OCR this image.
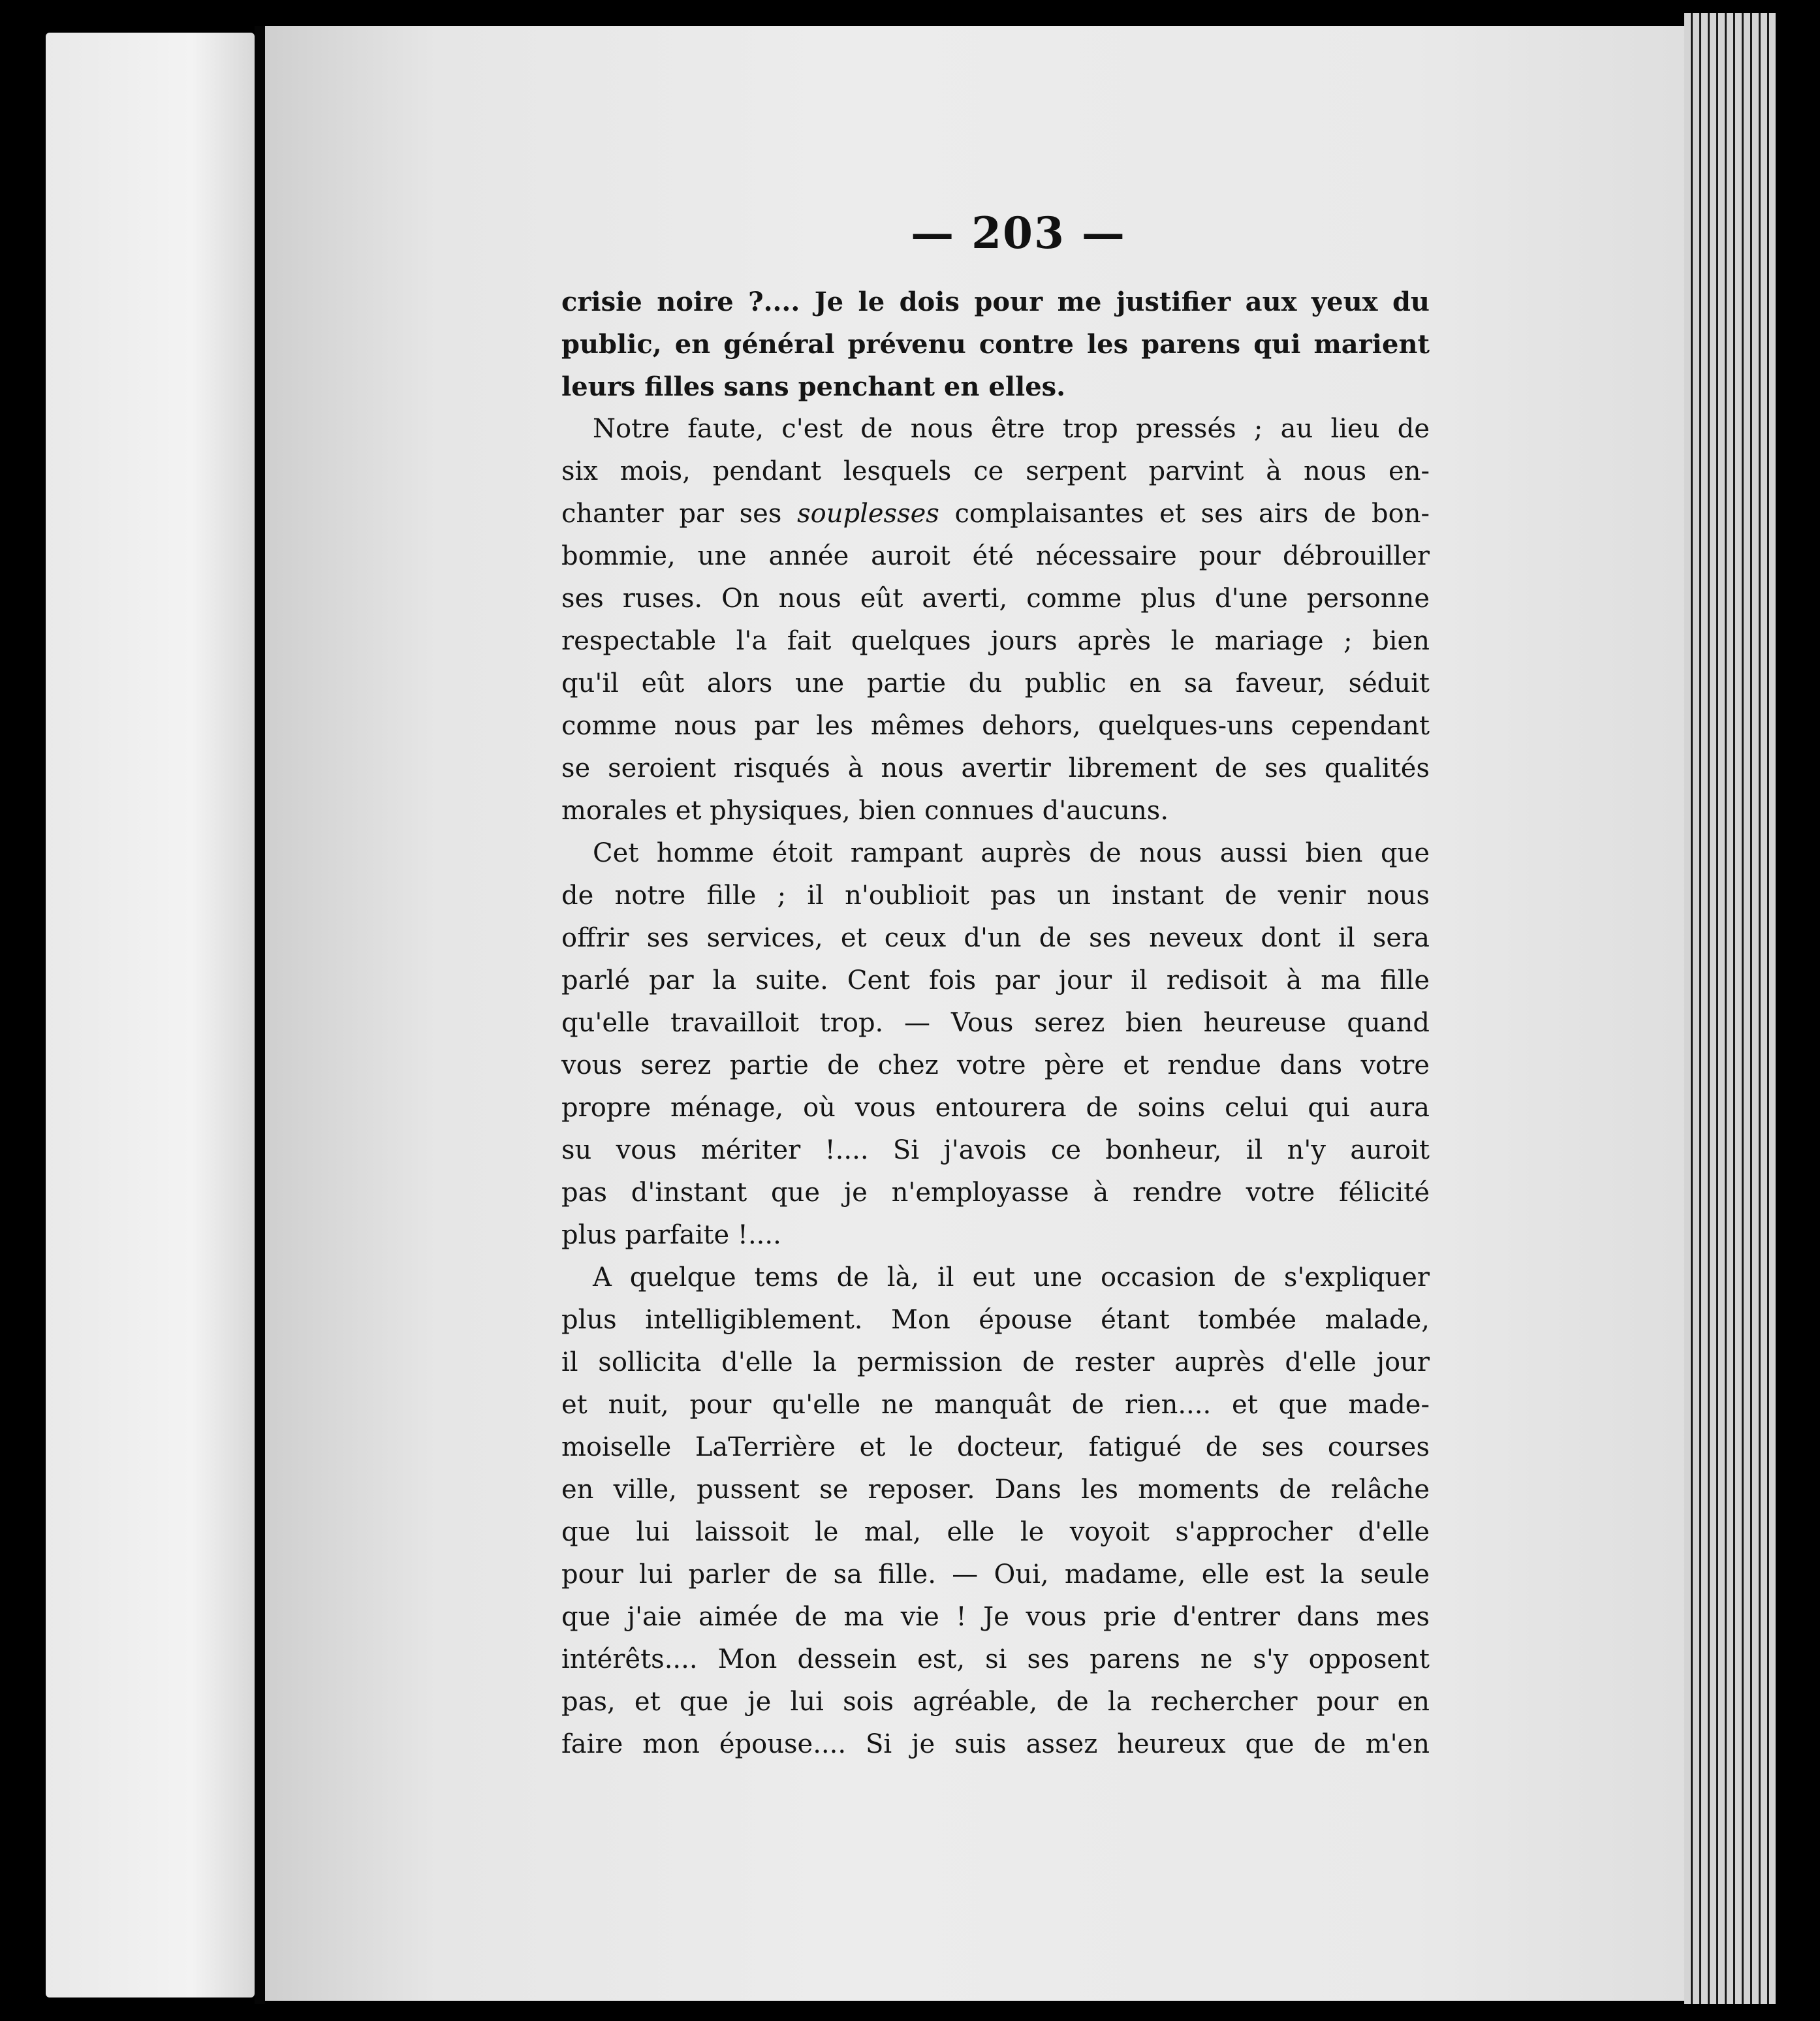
— 203 —

crisie noire ?.... Je le dois pour me justifier aux yeux du
public, en général prévenu contre les parens qui marient
leurs filles sans penchant en elles.

Notre faute, c'est de nous être trop pressés ; au lieu de
six mois, pendant lesquels ce serpent parvint à nous en-
chanter par ses souplesses complaisantes et ses airs de bon-
bommie, une année auroit été nécessaire pour débrouiller
ses ruses. On nous eût averti, comme plus d'une personne
respectable l'a fait quelques jours après le mariage ; bien
qu'il eût alors une partie du public en sa faveur, séduit
comme nous par les mêmes dehors, quelques-uns cependant
se seroient risqués à nous avertir librement de ses qualités
morales et physiques, bien connues d'aucuns.

Cet homme étoit rampant auprès de nous aussi bien que
de notre fille ; il n'oublioit pas un instant de venir nous
offrir ses services, et ceux d'un de ses neveux dont il sera
parlé par la suite. Cent fois par jour il redisoit à ma fille
qu'elle travailloit trop. — Vous serez bien heureuse quand
vous serez partie de chez votre père et rendue dans votre
propre ménage, où vous entourera de soins celui qui aura
su vous mériter !.... Si j'avois ce bonheur, il n'y auroit
pas d'instant que je n'employasse à rendre votre félicité
plus parfaite !....

A quelque tems de là, il eut une occasion de s'expliquer
plus intelligiblement. Mon épouse étant tombée malade,
il sollicita d'elle la permission de rester auprès d'elle jour
et nuit, pour qu'elle ne manquât de rien.... et que made-
moiselle LaTerrière et le docteur, fatigué de ses courses
en ville, pussent se reposer. Dans les moments de relâche
que lui laissoit le mal, elle le voyoit s'approcher d'elle
pour lui parler de sa fille. — Oui, madame, elle est la seule
que j'aie aimée de ma vie ! Je vous prie d'entrer dans mes
intérêts.... Mon dessein est, si ses parens ne s'y opposent
pas, et que je lui sois agréable, de la rechercher pour en
faire mon épouse.... Si je suis assez heureux que de m'en
